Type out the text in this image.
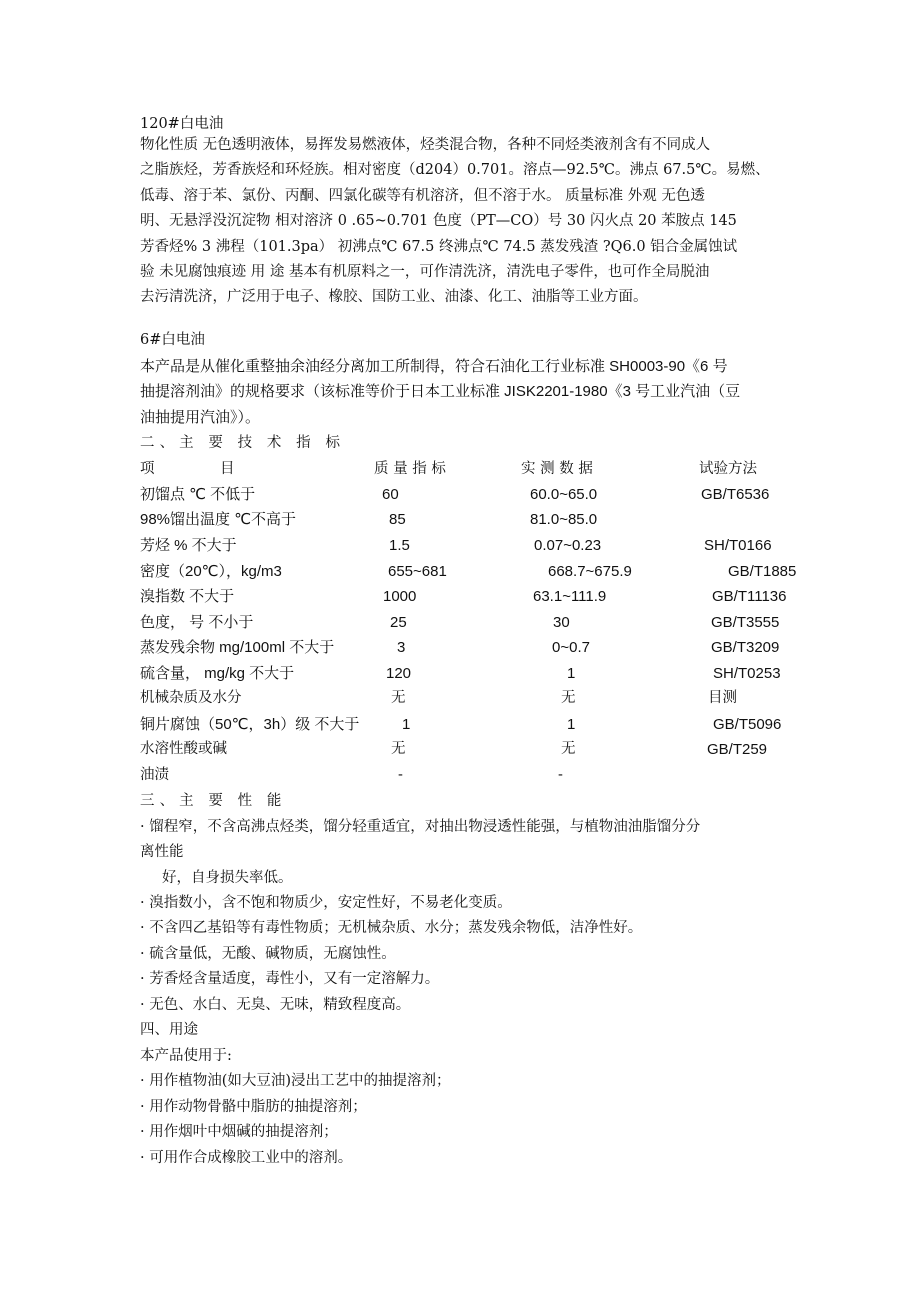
120#白电油
物化性质 无色透明液体，易挥发易燃液体，烃类混合物，各种不同烃类液剂含有不同成人
之脂族烃，芳香族烃和环烃族。相对密度（d204）0.701。溶点—92.5℃。沸点 67.5℃。易燃、
低毒、溶于苯、氯份、丙酮、四氯化碳等有机溶济，但不溶于水。 质量标准 外观 无色透
明、无悬浮没沉淀物 相对溶济 0 .65~0.701 色度（PT—CO）号 30 闪火点 20 苯胺点 145
芳香烃% 3 沸程（101.3pa） 初沸点℃ 67.5 终沸点℃ 74.5 蒸发残渣 ?Q6.0 铝合金属蚀试
验 未见腐蚀痕迹 用 途 基本有机原料之一，可作清洗济，清洗电子零件，也可作全局脱油
去污清洗济，广泛用于电子、橡胶、国防工业、油漆、化工、油脂等工业方面。
6#白电油
本产品是从催化重整抽余油经分离加工所制得，符合石油化工行业标准 SH0003-90《6 号
抽提溶剂油》的规格要求（该标准等价于日本工业标准 JISK2201-1980《3 号工业汽油（豆
油抽提用汽油》）。
二、主 要 技 术 指 标
项	目	质 量 指 标	实 测 数 据	试验方法
初馏点 ℃ 不低于	60	60.0~65.0	GB/T6536
98%馏出温度 ℃不高于	85	81.0~85.0
芳烃 % 不大于	1.5	0.07~0.23	SH/T0166
密度（20℃），kg/m3	655~681	668.7~675.9	GB/T1885
溴指数 不大于	1000	63.1~111.9	GB/T11136
色度， 号 不小于	25	30	GB/T3555
蒸发残余物 mg/100ml 不大于	3	0~0.7	GB/T3209
硫含量， mg/kg 不大于	120	1	SH/T0253
机械杂质及水分	无	无	目测
铜片腐蚀（50℃，3h）级 不大于	1	1	GB/T5096
水溶性酸或碱	无	无	GB/T259
油渍	-	-
三、主 要 性 能
· 馏程窄，不含高沸点烃类，馏分轻重适宜，对抽出物浸透性能强，与植物油油脂馏分分
离性能
好，自身损失率低。
· 溴指数小，含不饱和物质少，安定性好，不易老化变质。
· 不含四乙基铅等有毒性物质；无机械杂质、水分；蒸发残余物低，洁净性好。
· 硫含量低，无酸、碱物质，无腐蚀性。
· 芳香烃含量适度，毒性小，又有一定溶解力。
· 无色、水白、无臭、无味，精致程度高。
四、用途
本产品使用于:
· 用作植物油(如大豆油)浸出工艺中的抽提溶剂；
· 用作动物骨骼中脂肪的抽提溶剂；
· 用作烟叶中烟碱的抽提溶剂；
· 可用作合成橡胶工业中的溶剂。
